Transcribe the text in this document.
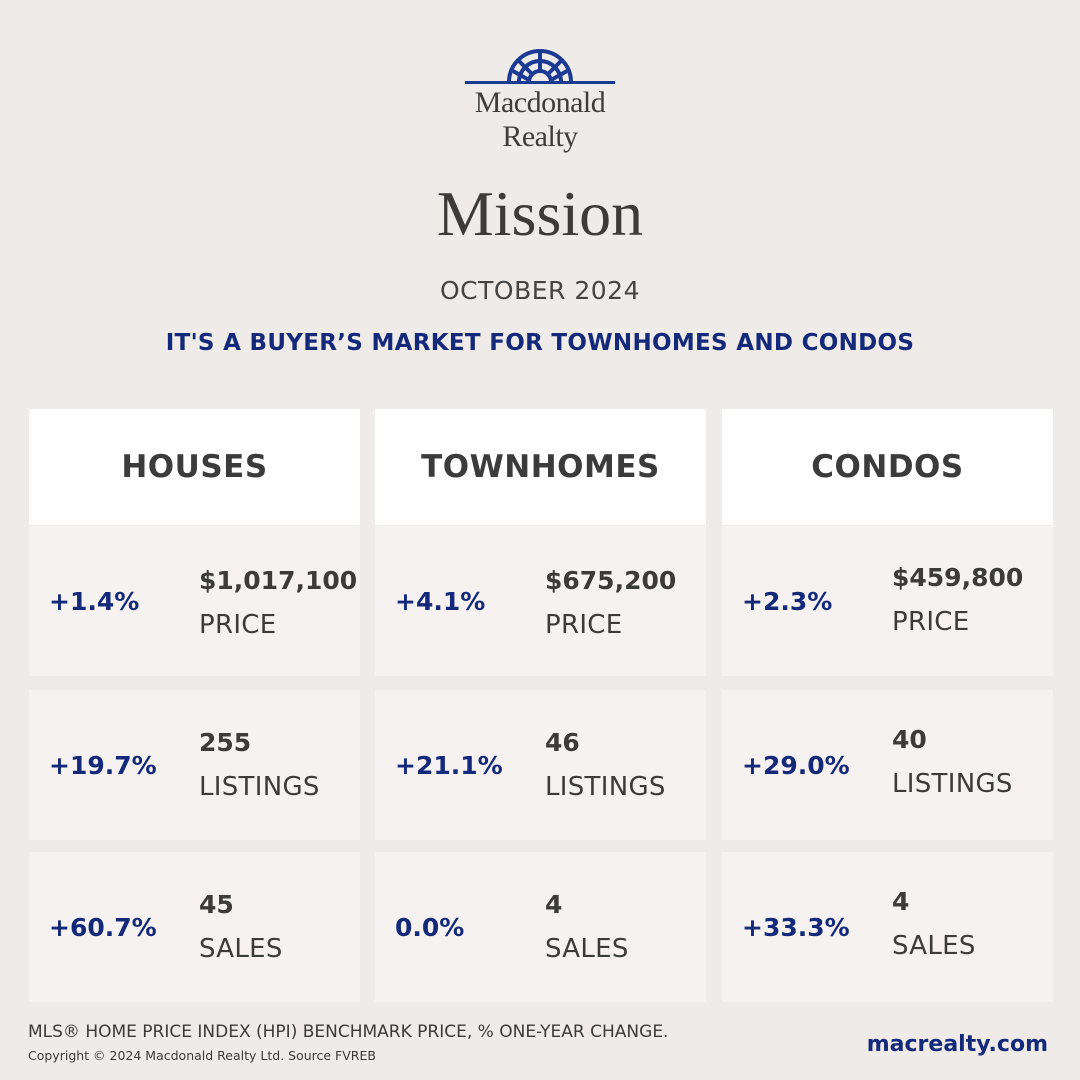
Macdonald
Realty
Mission
OCTOBER 2024
IT'S A BUYER’S MARKET FOR TOWNHOMES AND CONDOS
HOUSES
+1.4%
$1,017,100
PRICE
+19.7%
255
LISTINGS
+60.7%
45
SALES
TOWNHOMES
+4.1%
$675,200
PRICE
+21.1%
46
LISTINGS
0.0%
4
SALES
CONDOS
+2.3%
$459,800
PRICE
+29.0%
40
LISTINGS
+33.3%
4
SALES
MLS® HOME PRICE INDEX (HPI) BENCHMARK PRICE, % ONE-YEAR CHANGE.
Copyright © 2024 Macdonald Realty Ltd. Source FVREB	macrealty.com
